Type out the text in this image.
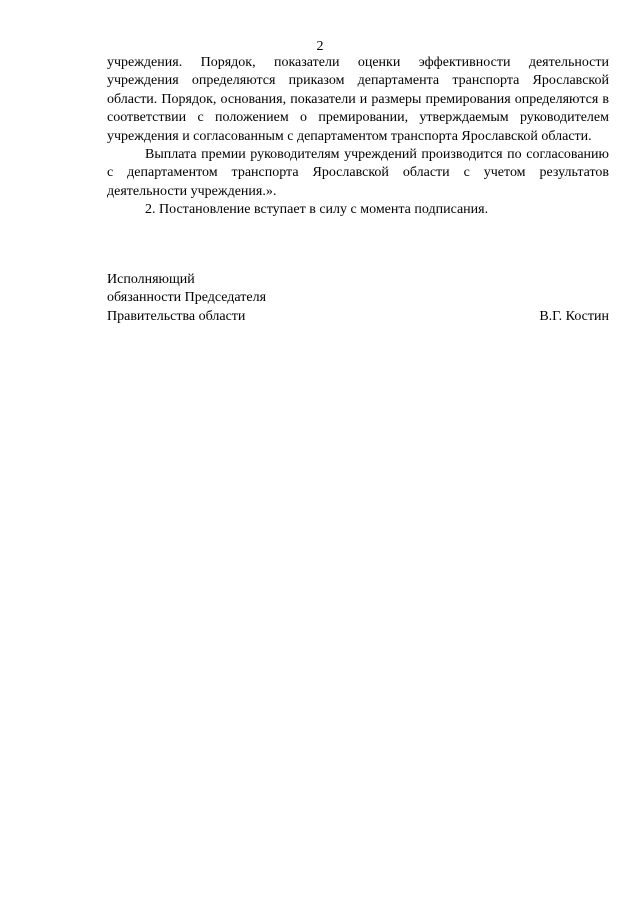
2

учреждения. Порядок, показатели оценки эффективности деятельности учреждения определяются приказом департамента транспорта Ярославской области. Порядок, основания, показатели и размеры премирования определяются в соответствии с положением о премировании, утверждаемым руководителем учреждения и согласованным с департаментом транспорта Ярославской области.

Выплата премии руководителям учреждений производится по согласованию с департаментом транспорта Ярославской области с учетом результатов деятельности учреждения.».

2. Постановление вступает в силу с момента подписания.

Исполняющий
обязанности Председателя
Правительства области	В.Г. Костин
